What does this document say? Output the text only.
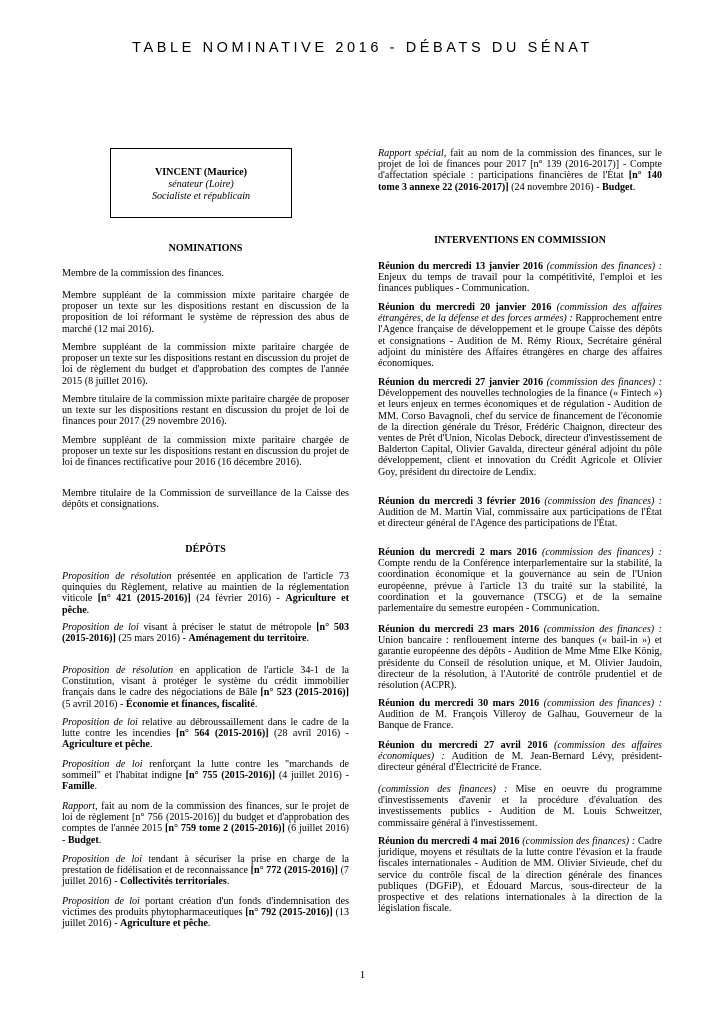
TABLE NOMINATIVE 2016 - DÉBATS DU SÉNAT
VINCENT (Maurice)
sénateur (Loire)
Socialiste et républicain
NOMINATIONS

Membre de la commission des finances.

Membre suppléant de la commission mixte paritaire chargée de proposer un texte sur les dispositions restant en discussion de la proposition de loi réformant le système de répression des abus de marché (12 mai 2016).

Membre suppléant de la commission mixte paritaire chargée de proposer un texte sur les dispositions restant en discussion du projet de loi de règlement du budget et d'approbation des comptes de l'année 2015 (8 juillet 2016).

Membre titulaire de la commission mixte paritaire chargée de proposer un texte sur les dispositions restant en discussion du projet de loi de finances pour 2017 (29 novembre 2016).

Membre suppléant de la commission mixte paritaire chargée de proposer un texte sur les dispositions restant en discussion du projet de loi de finances rectificative pour 2016 (16 décembre 2016).

Membre titulaire de la Commission de surveillance de la Caisse des dépôts et consignations.

DÉPÔTS

Proposition de résolution présentée en application de l'article 73 quinquies du Règlement, relative au maintien de la réglementation viticole [n° 421 (2015-2016)] (24 février 2016) - Agriculture et pêche.

Proposition de loi visant à préciser le statut de métropole [n° 503 (2015-2016)] (25 mars 2016) - Aménagement du territoire.

Proposition de résolution en application de l'article 34-1 de la Constitution, visant à protéger le système du crédit immobilier français dans le cadre des négociations de Bâle [n° 523 (2015-2016)] (5 avril 2016) - Économie et finances, fiscalité.

Proposition de loi relative au débroussaillement dans le cadre de la lutte contre les incendies [n° 564 (2015-2016)] (28 avril 2016) - Agriculture et pêche.

Proposition de loi renforçant la lutte contre les "marchands de sommeil" et l'habitat indigne [n° 755 (2015-2016)] (4 juillet 2016) - Famille.

Rapport, fait au nom de la commission des finances, sur le projet de loi de règlement [n° 756 (2015-2016)] du budget et d'approbation des comptes de l'année 2015 [n° 759 tome 2 (2015-2016)] (6 juillet 2016) - Budget.

Proposition de loi tendant à sécuriser la prise en charge de la prestation de fidélisation et de reconnaissance [n° 772 (2015-2016)] (7 juillet 2016) - Collectivités territoriales.

Proposition de loi portant création d'un fonds d'indemnisation des victimes des produits phytopharmaceutiques [n° 792 (2015-2016)] (13 juillet 2016) - Agriculture et pêche.

Rapport spécial, fait au nom de la commission des finances, sur le projet de loi de finances pour 2017 [n° 139 (2016-2017)] - Compte d'affectation spéciale : participations financières de l'État [n° 140 tome 3 annexe 22 (2016-2017)] (24 novembre 2016) - Budget.

INTERVENTIONS EN COMMISSION

Réunion du mercredi 13 janvier 2016 (commission des finances) : Enjeux du temps de travail pour la compétitivité, l'emploi et les finances publiques - Communication.

Réunion du mercredi 20 janvier 2016 (commission des affaires étrangères, de la défense et des forces armées) : Rapprochement entre l'Agence française de développement et le groupe Caisse des dépôts et consignations - Audition de M. Rémy Rioux, Secrétaire général adjoint du ministère des Affaires étrangères en charge des affaires économiques.

Réunion du mercredi 27 janvier 2016 (commission des finances) : Développement des nouvelles technologies de la finance (« Fintech ») et leurs enjeux en termes économiques et de régulation - Audition de MM. Corso Bavagnoli, chef du service de financement de l'économie de la direction générale du Trésor, Frédéric Chaignon, directeur des ventes de Prêt d'Union, Nicolas Debock, directeur d'investissement de Balderton Capital, Olivier Gavalda, directeur général adjoint du pôle développement, client et innovation du Crédit Agricole et Olivier Goy, président du directoire de Lendix.

Réunion du mercredi 3 février 2016 (commission des finances) : Audition de M. Martin Vial, commissaire aux participations de l'État et directeur général de l'Agence des participations de l'État.

Réunion du mercredi 2 mars 2016 (commission des finances) : Compte rendu de la Conférence interparlementaire sur la stabilité, la coordination économique et la gouvernance au sein de l'Union européenne, prévue à l'article 13 du traité sur la stabilité, la coordination et la gouvernance (TSCG) et de la semaine parlementaire du semestre européen - Communication.

Réunion du mercredi 23 mars 2016 (commission des finances) : Union bancaire : renflouement interne des banques (« bail-in ») et garantie européenne des dépôts - Audition de Mme Mme Elke König, présidente du Conseil de résolution unique, et M. Olivier Jaudoin, directeur de la résolution, à l'Autorité de contrôle prudentiel et de résolution (ACPR).

Réunion du mercredi 30 mars 2016 (commission des finances) : Audition de M. François Villeroy de Galhau, Gouverneur de la Banque de France.

Réunion du mercredi 27 avril 2016 (commission des affaires économiques) : Audition de M. Jean-Bernard Lévy, président-directeur général d'Électricité de France.

(commission des finances) : Mise en oeuvre du programme d'investissements d'avenir et la procédure d'évaluation des investissements publics - Audition de M. Louis Schweitzer, commissaire général à l'investissement.

Réunion du mercredi 4 mai 2016 (commission des finances) : Cadre juridique, moyens et résultats de la lutte contre l'évasion et la fraude fiscales internationales - Audition de MM. Olivier Sivieude, chef du service du contrôle fiscal de la direction générale des finances publiques (DGFiP), et Édouard Marcus, sous-directeur de la prospective et des relations internationales à la direction de la législation fiscale.

1
